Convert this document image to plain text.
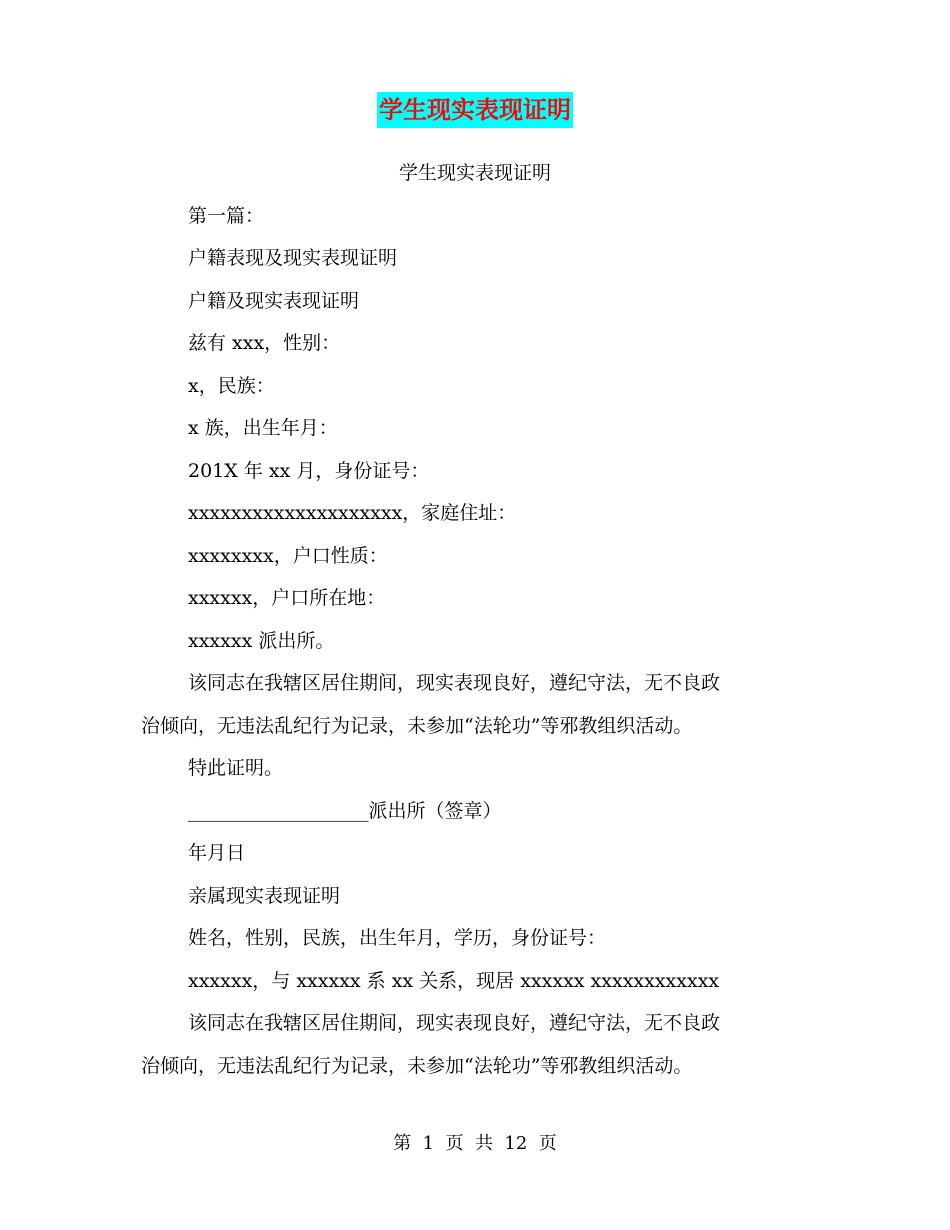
学生现实表现证明
学生现实表现证明
第一篇：
户籍表现及现实表现证明
户籍及现实表现证明
兹有 xxx，性别：
x，民族：
x 族，出生年月：
201X 年 xx 月，身份证号：
xxxxxxxxxxxxxxxxxxxx，家庭住址：
xxxxxxxx，户口性质：
xxxxxx，户口所在地：
xxxxxx 派出所。
该同志在我辖区居住期间，现实表现良好，遵纪守法，无不良政
治倾向，无违法乱纪行为记录，未参加“法轮功”等邪教组织活动。
特此证明。
___________________派出所（签章）
年月日
亲属现实表现证明
姓名，性别，民族，出生年月，学历，身份证号：
xxxxxx，与 xxxxxx 系 xx 关系，现居 xxxxxx xxxxxxxxxxxx
该同志在我辖区居住期间，现实表现良好，遵纪守法，无不良政
治倾向，无违法乱纪行为记录，未参加“法轮功”等邪教组织活动。
第  1  页  共  12  页
